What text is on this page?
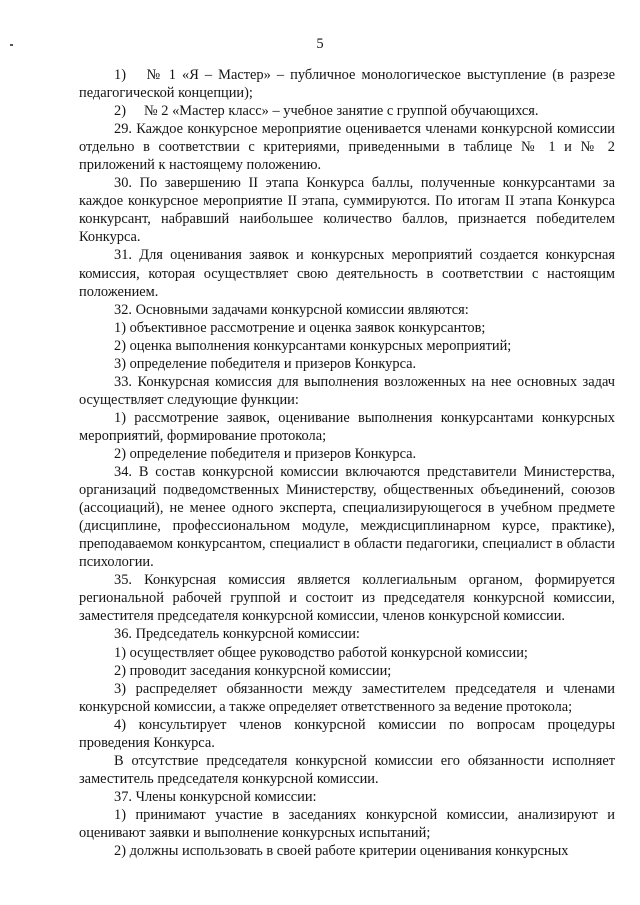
5

1)  № 1 «Я – Мастер» – публичное монологическое выступление (в разрезе педагогической концепции);

2)  № 2 «Мастер класс» – учебное занятие с группой обучающихся.

29. Каждое конкурсное мероприятие оценивается членами конкурсной комиссии отдельно в соответствии с критериями, приведенными в таблице № 1 и № 2 приложений к настоящему положению.

30. По завершению II этапа Конкурса баллы, полученные конкурсантами за каждое конкурсное мероприятие II этапа, суммируются. По итогам II этапа Конкурса конкурсант, набравший наибольшее количество баллов, признается победителем Конкурса.

31. Для оценивания заявок и конкурсных мероприятий создается конкурсная комиссия, которая осуществляет свою деятельность в соответствии с настоящим положением.

32. Основными задачами конкурсной комиссии являются:

1) объективное рассмотрение и оценка заявок конкурсантов;

2) оценка выполнения конкурсантами конкурсных мероприятий;

3) определение победителя и призеров Конкурса.

33. Конкурсная комиссия для выполнения возложенных на нее основных задач осуществляет следующие функции:

1) рассмотрение заявок, оценивание выполнения конкурсантами конкурсных мероприятий, формирование протокола;

2) определение победителя и призеров Конкурса.

34. В состав конкурсной комиссии включаются представители Министерства, организаций подведомственных Министерству, общественных объединений, союзов (ассоциаций), не менее одного эксперта, специализирующегося в учебном предмете (дисциплине, профессиональном модуле, междисциплинарном курсе, практике), преподаваемом конкурсантом, специалист в области педагогики, специалист в области психологии.

35. Конкурсная комиссия является коллегиальным органом, формируется региональной рабочей группой и состоит из председателя конкурсной комиссии, заместителя председателя конкурсной комиссии, членов конкурсной комиссии.

36. Председатель конкурсной комиссии:

1) осуществляет общее руководство работой конкурсной комиссии;

2) проводит заседания конкурсной комиссии;

3) распределяет обязанности между заместителем председателя и членами конкурсной комиссии, а также определяет ответственного за ведение протокола;

4) консультирует членов конкурсной комиссии по вопросам процедуры проведения Конкурса.

В отсутствие председателя конкурсной комиссии его обязанности исполняет заместитель председателя конкурсной комиссии.

37. Члены конкурсной комиссии:

1) принимают участие в заседаниях конкурсной комиссии, анализируют и оценивают заявки и выполнение конкурсных испытаний;

2) должны использовать в своей работе критерии оценивания конкурсных
